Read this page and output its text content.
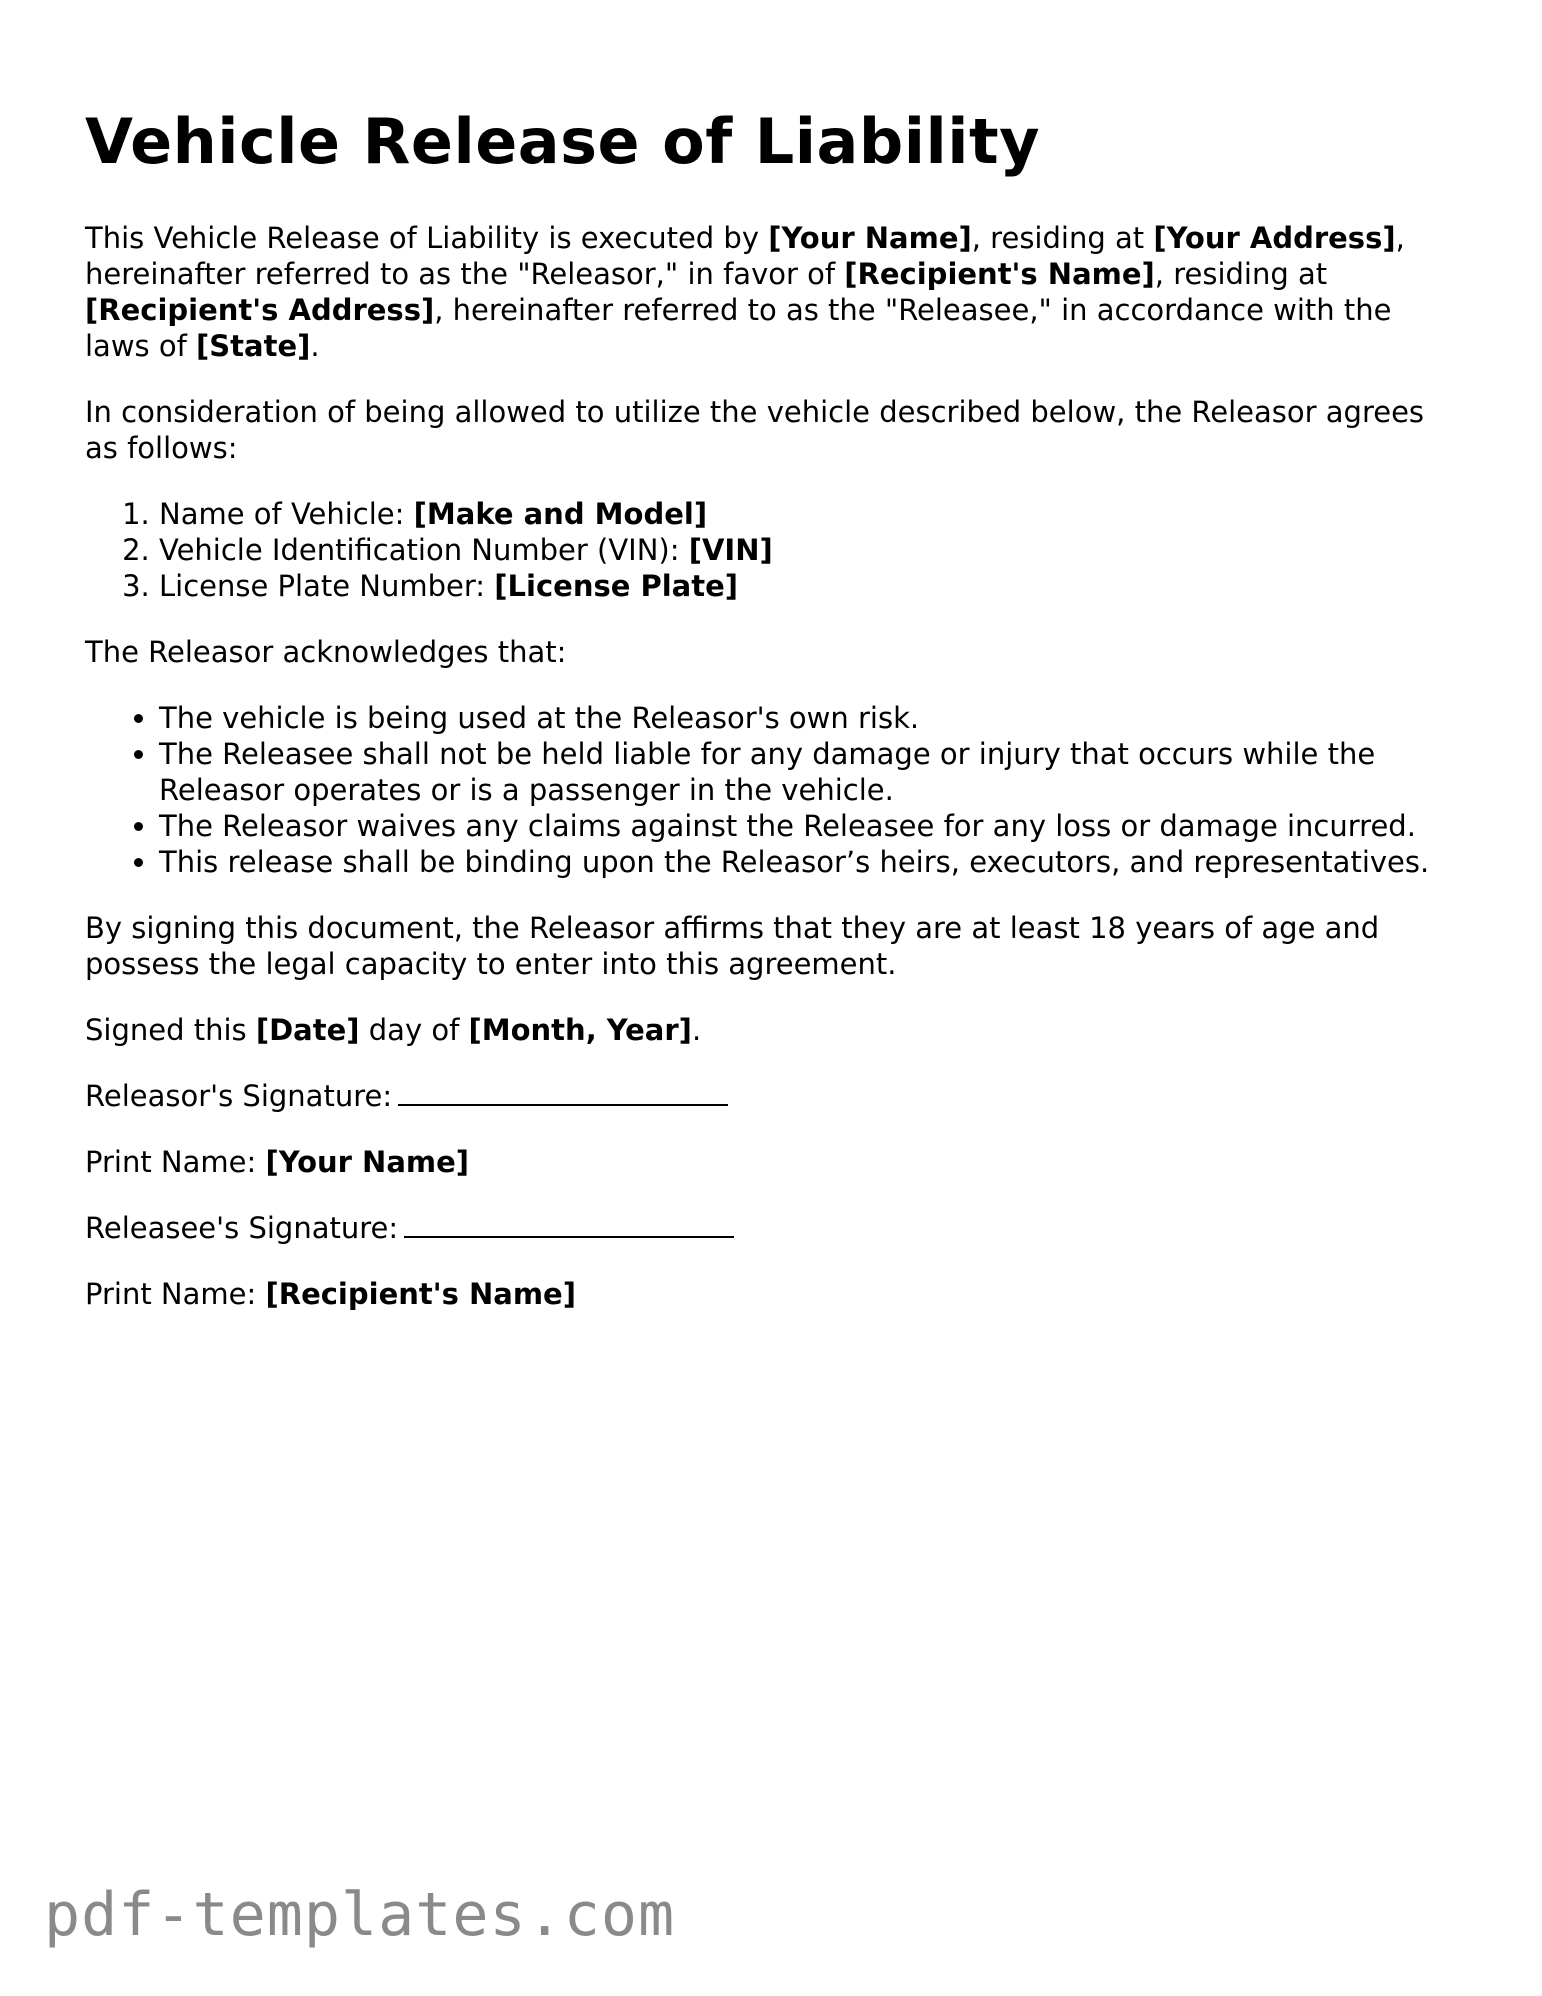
Vehicle Release of Liability

This Vehicle Release of Liability is executed by [Your Name], residing at [Your Address], hereinafter referred to as the "Releasor," in favor of [Recipient's Name], residing at [Recipient's Address], hereinafter referred to as the "Releasee," in accordance with the laws of [State].

In consideration of being allowed to utilize the vehicle described below, the Releasor agrees as follows:

1. Name of Vehicle: [Make and Model]
2. Vehicle Identification Number (VIN): [VIN]
3. License Plate Number: [License Plate]

The Releasor acknowledges that:

• The vehicle is being used at the Releasor's own risk.
• The Releasee shall not be held liable for any damage or injury that occurs while the Releasor operates or is a passenger in the vehicle.
• The Releasor waives any claims against the Releasee for any loss or damage incurred.
• This release shall be binding upon the Releasor’s heirs, executors, and representatives.

By signing this document, the Releasor affirms that they are at least 18 years of age and possess the legal capacity to enter into this agreement.

Signed this [Date] day of [Month, Year].

Releasor's Signature:

Print Name: [Your Name]

Releasee's Signature:

Print Name: [Recipient's Name]

pdf-templates.com
